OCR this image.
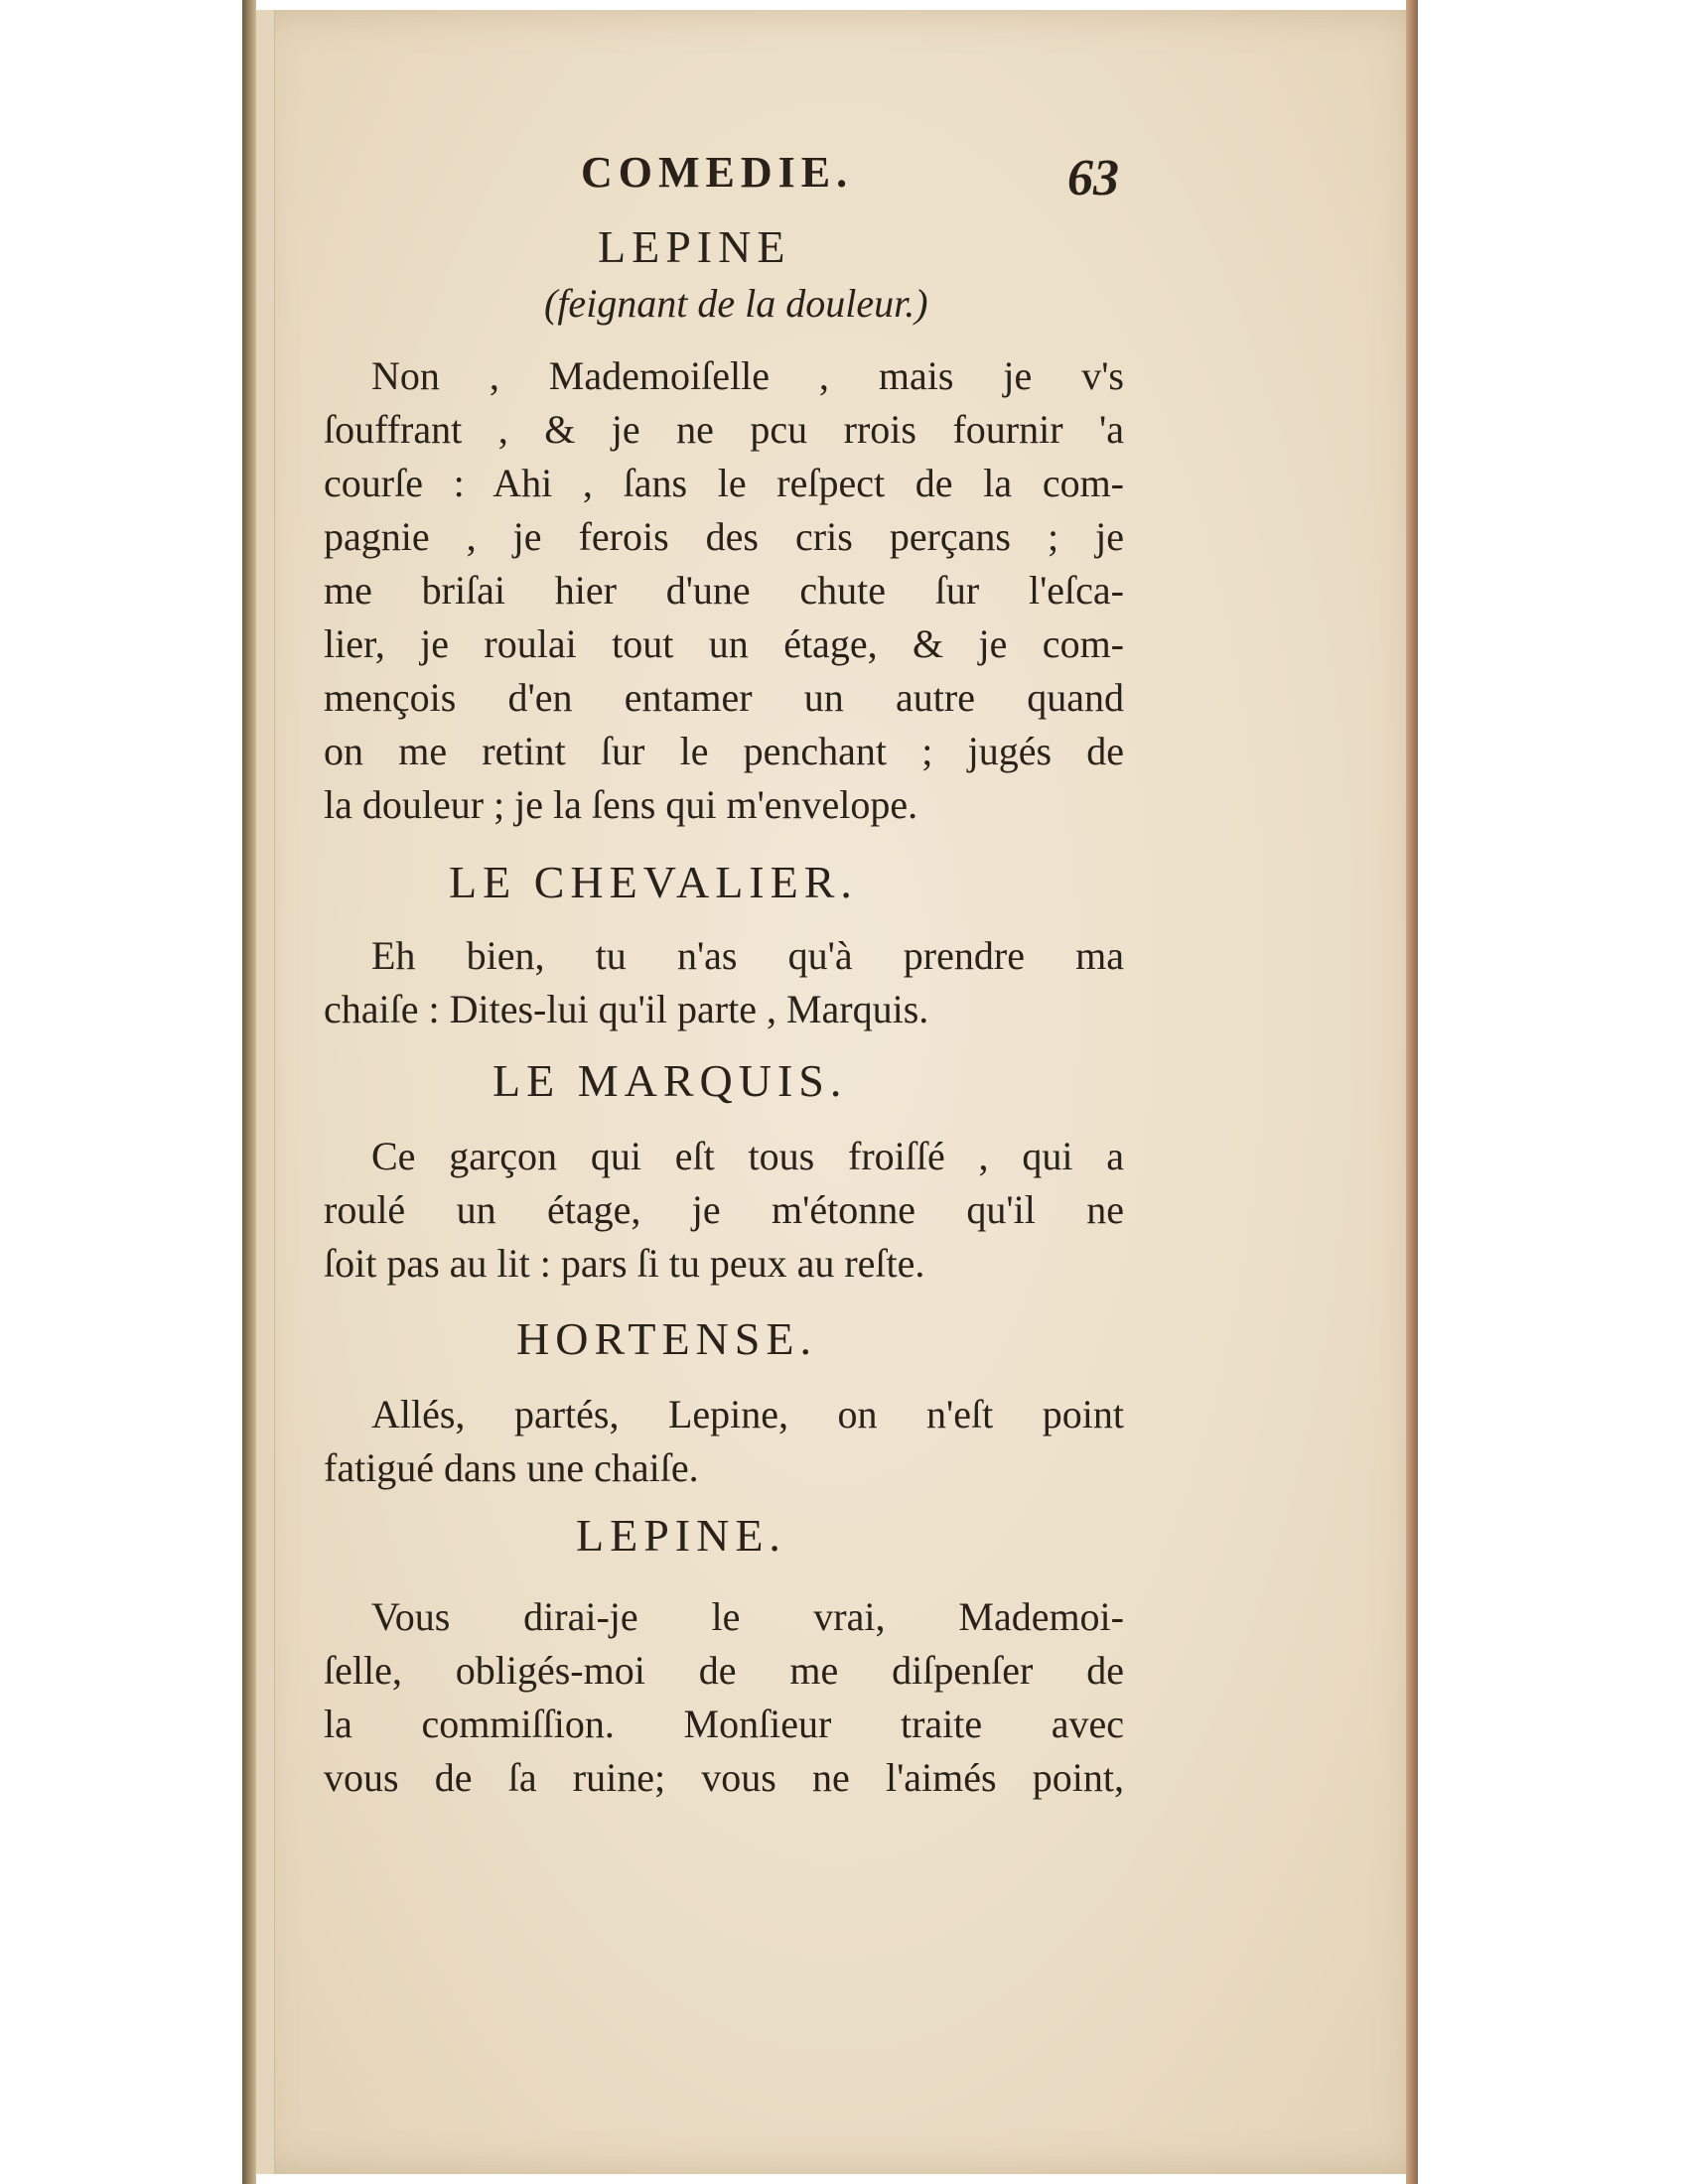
COMEDIE.	63
LEPINE
(feignant de la douleur.)
Non , Mademoiſelle , mais je v's
ſouffrant , & je ne pcu rrois fournir 'a
courſe : Ahi , ſans le reſpect de la com-
pagnie , je ferois des cris perçans ; je
me briſai hier d'une chute ſur l'eſca-
lier, je roulai tout un étage, & je com-
mençois d'en entamer un autre quand
on me retint ſur le penchant ; jugés de
la douleur ; je la ſens qui m'envelope.
LE CHEVALIER.
Eh bien, tu n'as qu'à prendre ma
chaiſe : Dites-lui qu'il parte , Marquis.
LE MARQUIS.
Ce garçon qui eſt tous froiſſé , qui a
roulé un étage, je m'étonne qu'il ne
ſoit pas au lit : pars ſi tu peux au reſte.
HORTENSE.
Allés, partés, Lepine, on n'eſt point
fatigué dans une chaiſe.
LEPINE.
Vous dirai-je le vrai, Mademoi-
ſelle, obligés-moi de me diſpenſer de
la commiſſion. Monſieur traite avec
vous de ſa ruine; vous ne l'aimés point,
